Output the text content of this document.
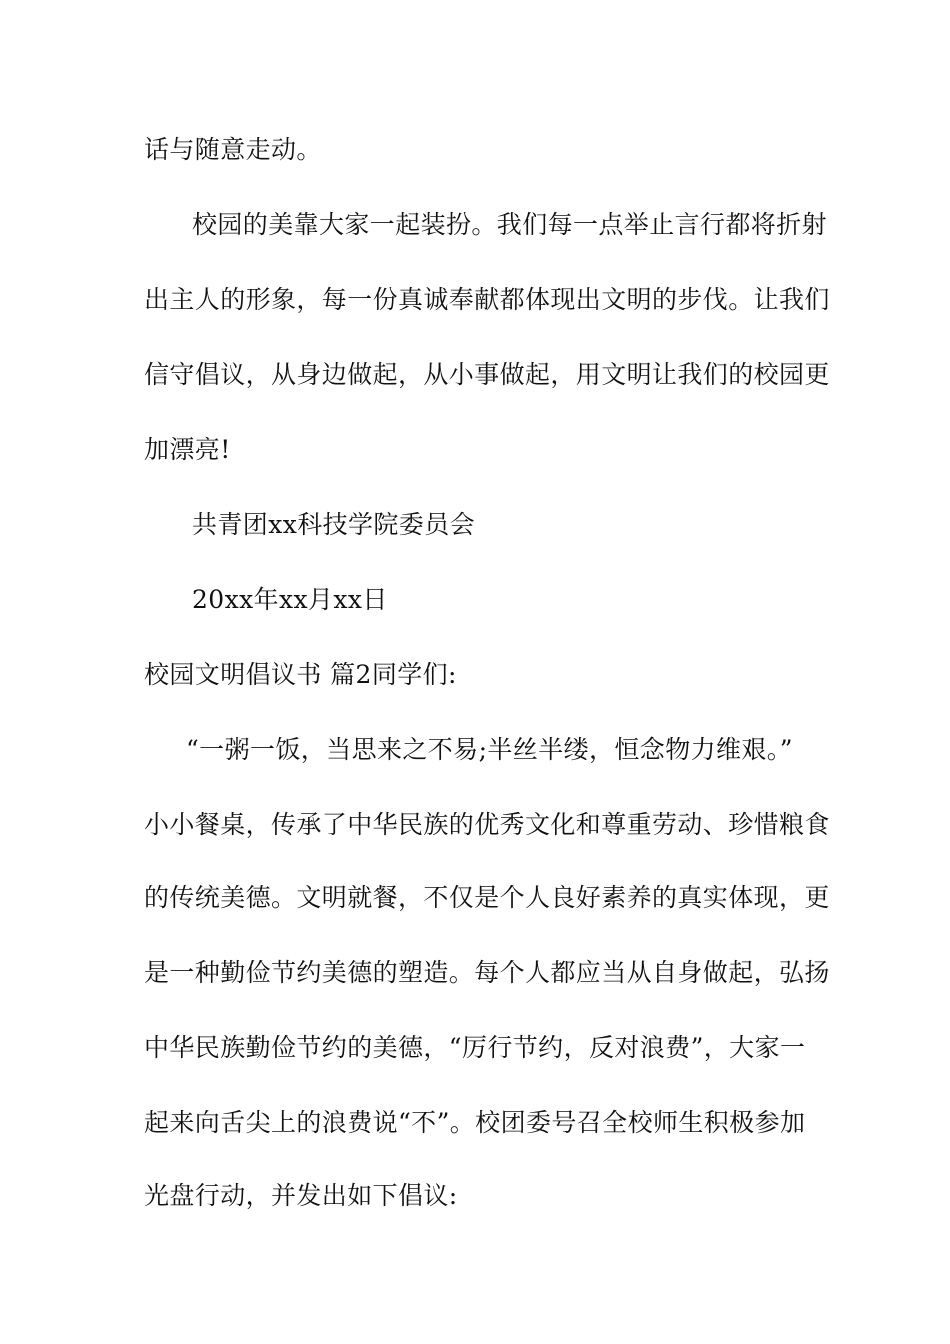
话与随意走动。
校园的美靠大家一起装扮。我们每一点举止言行都将折射
出主人的形象，每一份真诚奉献都体现出文明的步伐。让我们
信守倡议，从身边做起，从小事做起，用文明让我们的校园更
加漂亮!
共青团xx科技学院委员会
20xx年xx月xx日
校园文明倡议书 篇2同学们:
“一粥一饭，当思来之不易;半丝半缕，恒念物力维艰。”
小小餐桌，传承了中华民族的优秀文化和尊重劳动、珍惜粮食
的传统美德。文明就餐，不仅是个人良好素养的真实体现，更
是一种勤俭节约美德的塑造。每个人都应当从自身做起，弘扬
中华民族勤俭节约的美德，“厉行节约，反对浪费”，大家一
起来向舌尖上的浪费说“不”。校团委号召全校师生积极参加
光盘行动，并发出如下倡议:
